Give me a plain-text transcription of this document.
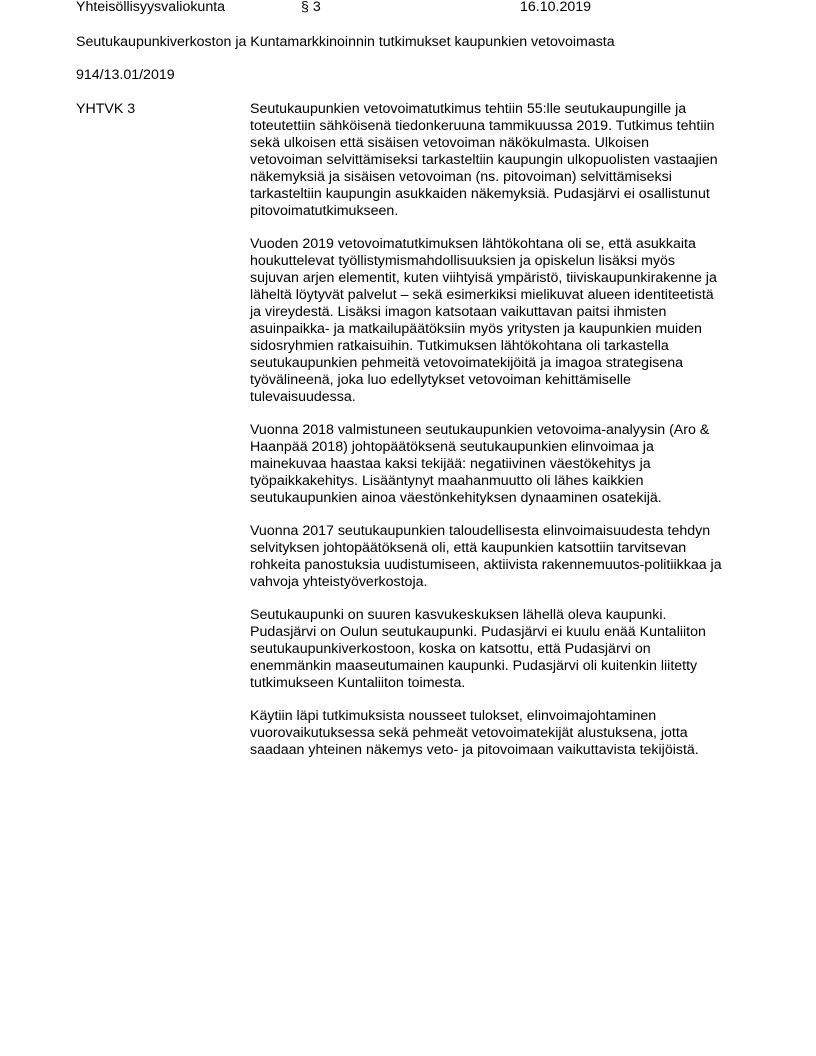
Yhteisöllisyysvaliokunta	§ 3	16.10.2019
Seutukaupunkiverkoston ja Kuntamarkkinoinnin tutkimukset kaupunkien vetovoimasta
914/13.01/2019
YHTVK 3	Seutukaupunkien vetovoimatutkimus tehtiin 55:lle seutukaupungille ja
toteutettiin sähköisenä tiedonkeruuna tammikuussa 2019. Tutkimus tehtiin
sekä ulkoisen että sisäisen vetovoiman näkökulmasta. Ulkoisen
vetovoiman selvittämiseksi tarkasteltiin kaupungin ulkopuolisten vastaajien
näkemyksiä ja sisäisen vetovoiman (ns. pitovoiman) selvittämiseksi
tarkasteltiin kaupungin asukkaiden näkemyksiä. Pudasjärvi ei osallistunut
pitovoimatutkimukseen.
Vuoden 2019 vetovoimatutkimuksen lähtökohtana oli se, että asukkaita
houkuttelevat työllistymismahdollisuuksien ja opiskelun lisäksi myös
sujuvan arjen elementit, kuten viihtyisä ympäristö, tiiviskaupunkirakenne ja
läheltä löytyvät palvelut – sekä esimerkiksi mielikuvat alueen identiteetistä
ja vireydestä. Lisäksi imagon katsotaan vaikuttavan paitsi ihmisten
asuinpaikka- ja matkailupäätöksiin myös yritysten ja kaupunkien muiden
sidosryhmien ratkaisuihin. Tutkimuksen lähtökohtana oli tarkastella
seutukaupunkien pehmeitä vetovoimatekijöitä ja imagoa strategisena
työvälineenä, joka luo edellytykset vetovoiman kehittämiselle
tulevaisuudessa.
Vuonna 2018 valmistuneen seutukaupunkien vetovoima-analyysin (Aro &
Haanpää 2018) johtopäätöksenä seutukaupunkien elinvoimaa ja
mainekuvaa haastaa kaksi tekijää: negatiivinen väestökehitys ja
työpaikkakehitys. Lisääntynyt maahanmuutto oli lähes kaikkien
seutukaupunkien ainoa väestönkehityksen dynaaminen osatekijä.
Vuonna 2017 seutukaupunkien taloudellisesta elinvoimaisuudesta tehdyn
selvityksen johtopäätöksenä oli, että kaupunkien katsottiin tarvitsevan
rohkeita panostuksia uudistumiseen, aktiivista rakennemuutos-politiikkaa ja
vahvoja yhteistyöverkostoja.
Seutukaupunki on suuren kasvukeskuksen lähellä oleva kaupunki.
Pudasjärvi on Oulun seutukaupunki. Pudasjärvi ei kuulu enää Kuntaliiton
seutukaupunkiverkostoon, koska on katsottu, että Pudasjärvi on
enemmänkin maaseutumainen kaupunki. Pudasjärvi oli kuitenkin liitetty
tutkimukseen Kuntaliiton toimesta.
Käytiin läpi tutkimuksista nousseet tulokset, elinvoimajohtaminen
vuorovaikutuksessa sekä pehmeät vetovoimatekijät alustuksena, jotta
saadaan yhteinen näkemys veto- ja pitovoimaan vaikuttavista tekijöistä.
